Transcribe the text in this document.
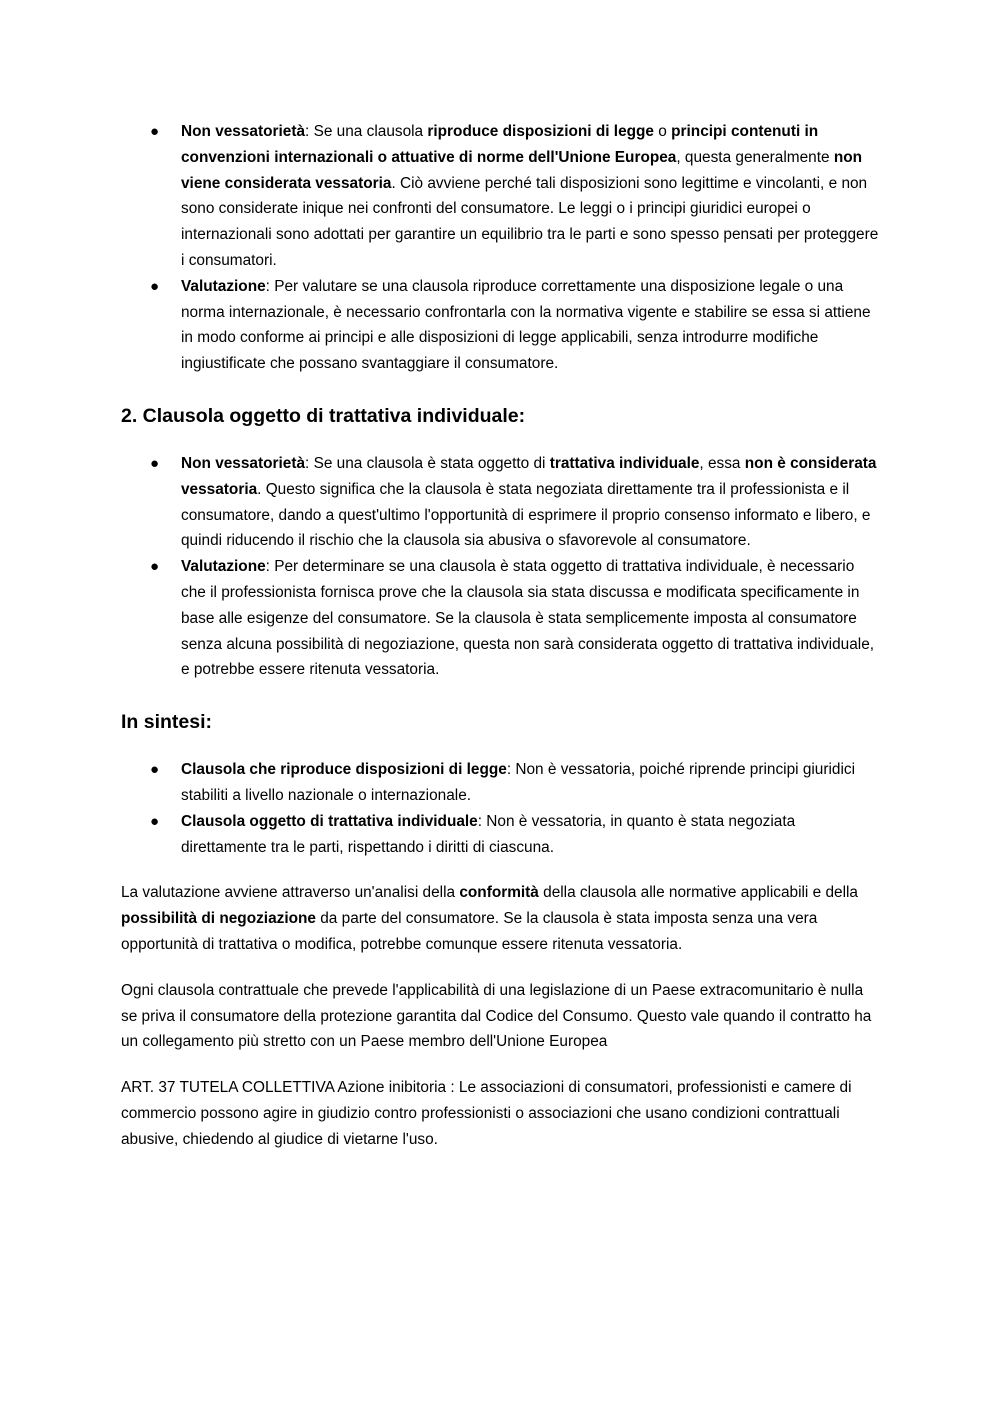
● Non vessatorietà: Se una clausola riproduce disposizioni di legge o principi contenuti in convenzioni internazionali o attuative di norme dell'Unione Europea, questa generalmente non viene considerata vessatoria. Ciò avviene perché tali disposizioni sono legittime e vincolanti, e non sono considerate inique nei confronti del consumatore. Le leggi o i principi giuridici europei o internazionali sono adottati per garantire un equilibrio tra le parti e sono spesso pensati per proteggere i consumatori.
● Valutazione: Per valutare se una clausola riproduce correttamente una disposizione legale o una norma internazionale, è necessario confrontarla con la normativa vigente e stabilire se essa si attiene in modo conforme ai principi e alle disposizioni di legge applicabili, senza introdurre modifiche ingiustificate che possano svantaggiare il consumatore.
2. Clausola oggetto di trattativa individuale:
● Non vessatorietà: Se una clausola è stata oggetto di trattativa individuale, essa non è considerata vessatoria. Questo significa che la clausola è stata negoziata direttamente tra il professionista e il consumatore, dando a quest'ultimo l'opportunità di esprimere il proprio consenso informato e libero, e quindi riducendo il rischio che la clausola sia abusiva o sfavorevole al consumatore.
● Valutazione: Per determinare se una clausola è stata oggetto di trattativa individuale, è necessario che il professionista fornisca prove che la clausola sia stata discussa e modificata specificamente in base alle esigenze del consumatore. Se la clausola è stata semplicemente imposta al consumatore senza alcuna possibilità di negoziazione, questa non sarà considerata oggetto di trattativa individuale, e potrebbe essere ritenuta vessatoria.
In sintesi:
● Clausola che riproduce disposizioni di legge: Non è vessatoria, poiché riprende principi giuridici stabiliti a livello nazionale o internazionale.
● Clausola oggetto di trattativa individuale: Non è vessatoria, in quanto è stata negoziata direttamente tra le parti, rispettando i diritti di ciascuna.

La valutazione avviene attraverso un'analisi della conformità della clausola alle normative applicabili e della possibilità di negoziazione da parte del consumatore. Se la clausola è stata imposta senza una vera opportunità di trattativa o modifica, potrebbe comunque essere ritenuta vessatoria.

Ogni clausola contrattuale che prevede l'applicabilità di una legislazione di un Paese extracomunitario è nulla se priva il consumatore della protezione garantita dal Codice del Consumo. Questo vale quando il contratto ha un collegamento più stretto con un Paese membro dell'Unione Europea

ART. 37 TUTELA COLLETTIVA Azione inibitoria : Le associazioni di consumatori, professionisti e camere di commercio possono agire in giudizio contro professionisti o associazioni che usano condizioni contrattuali abusive, chiedendo al giudice di vietarne l'uso.
